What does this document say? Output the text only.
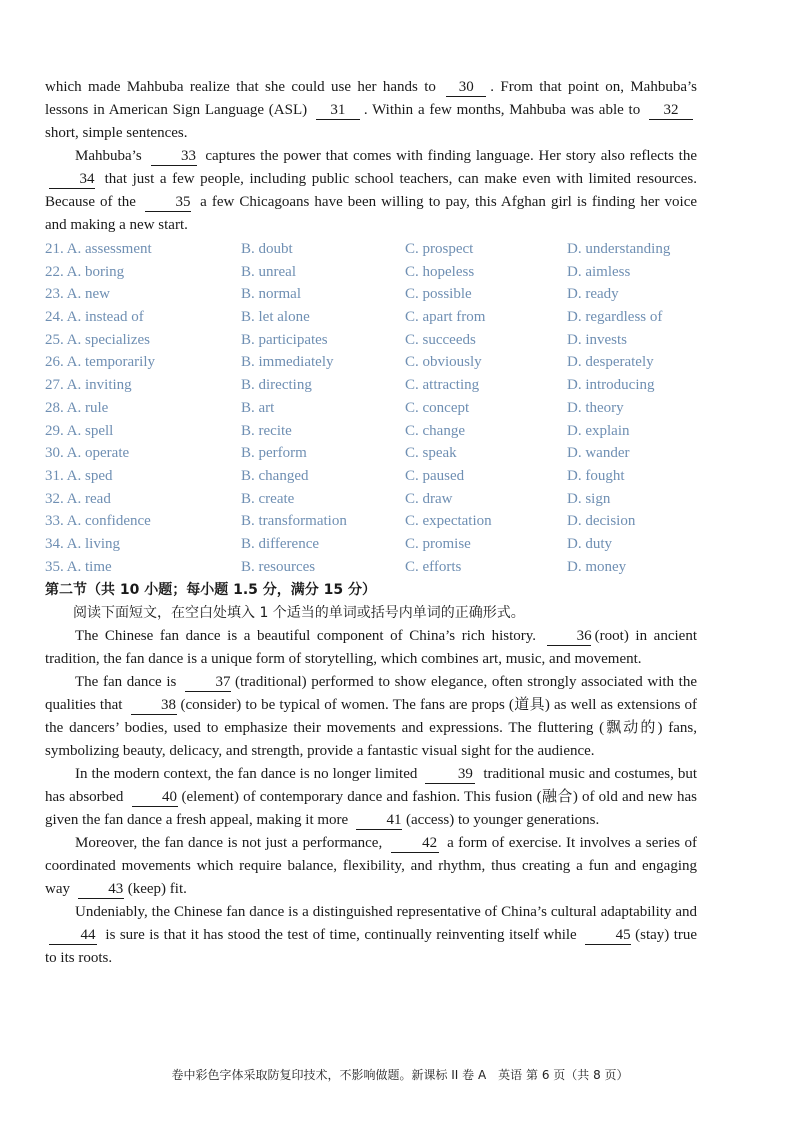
which made Mahbuba realize that she could use her hands to 30 . From that point on, Mahbuba’s lessons in American Sign Language (ASL) 31 . Within a few months, Mahbuba was able to 32 short, simple sentences.

Mahbuba’s	33 captures the power that comes with finding language. Her story also reflects the 34 that just a few people, including public school teachers, can make even with limited resources. Because of the	35 a few Chicagoans have been willing to pay, this Afghan girl is finding her voice and making a new start.

21. A. assessment	B. doubt	C. prospect	D. understanding
22. A. boring	B. unreal	C. hopeless	D. aimless
23. A. new	B. normal	C. possible	D. ready
24. A. instead of	B. let alone	C. apart from	D. regardless of
25. A. specializes	B. participates	C. succeeds	D. invests
26. A. temporarily	B. immediately	C. obviously	D. desperately
27. A. inviting	B. directing	C. attracting	D. introducing
28. A. rule	B. art	C. concept	D. theory
29. A. spell	B. recite	C. change	D. explain
30. A. operate	B. perform	C. speak	D. wander
31. A. sped	B. changed	C. paused	D. fought
32. A. read	B. create	C. draw	D. sign
33. A. confidence	B. transformation	C. expectation	D. decision
34. A. living	B. difference	C. promise	D. duty
35. A. time	B. resources	C. efforts	D. money
第二节（共 10 小题；每小题 1.5 分，满分 15 分）

阅读下面短文，在空白处填入 1 个适当的单词或括号内单词的正确形式。

The Chinese fan dance is a beautiful component of China’s rich history.	36 (root) in ancient tradition, the fan dance is a unique form of storytelling, which combines art, music, and movement.

The fan dance is	37 (traditional) performed to show elegance, often strongly associated with the qualities that	38 (consider) to be typical of women. The fans are props (道具) as well as extensions of the dancers’ bodies, used to emphasize their movements and expressions. The fluttering (飘动的) fans, symbolizing beauty, delicacy, and strength, provide a fantastic visual sight for the audience.

In the modern context, the fan dance is no longer limited	39 traditional music and costumes, but has absorbed	40 (element) of contemporary dance and fashion. This fusion (融合) of old and new has given the fan dance a fresh appeal, making it more	41 (access) to younger generations.

Moreover, the fan dance is not just a performance,	42 a form of exercise. It involves a series of coordinated movements which require balance, flexibility, and rhythm, thus creating a fun and engaging way	43 (keep) fit.

Undeniably, the Chinese fan dance is a distinguished representative of China’s cultural adaptability and 44 is sure is that it has stood the test of time, continually reinventing itself while	45 (stay) true to its roots.

卷中彩色字体采取防复印技术，不影响做题。新课标 II 卷 A　英语 第 6 页（共 8 页）
